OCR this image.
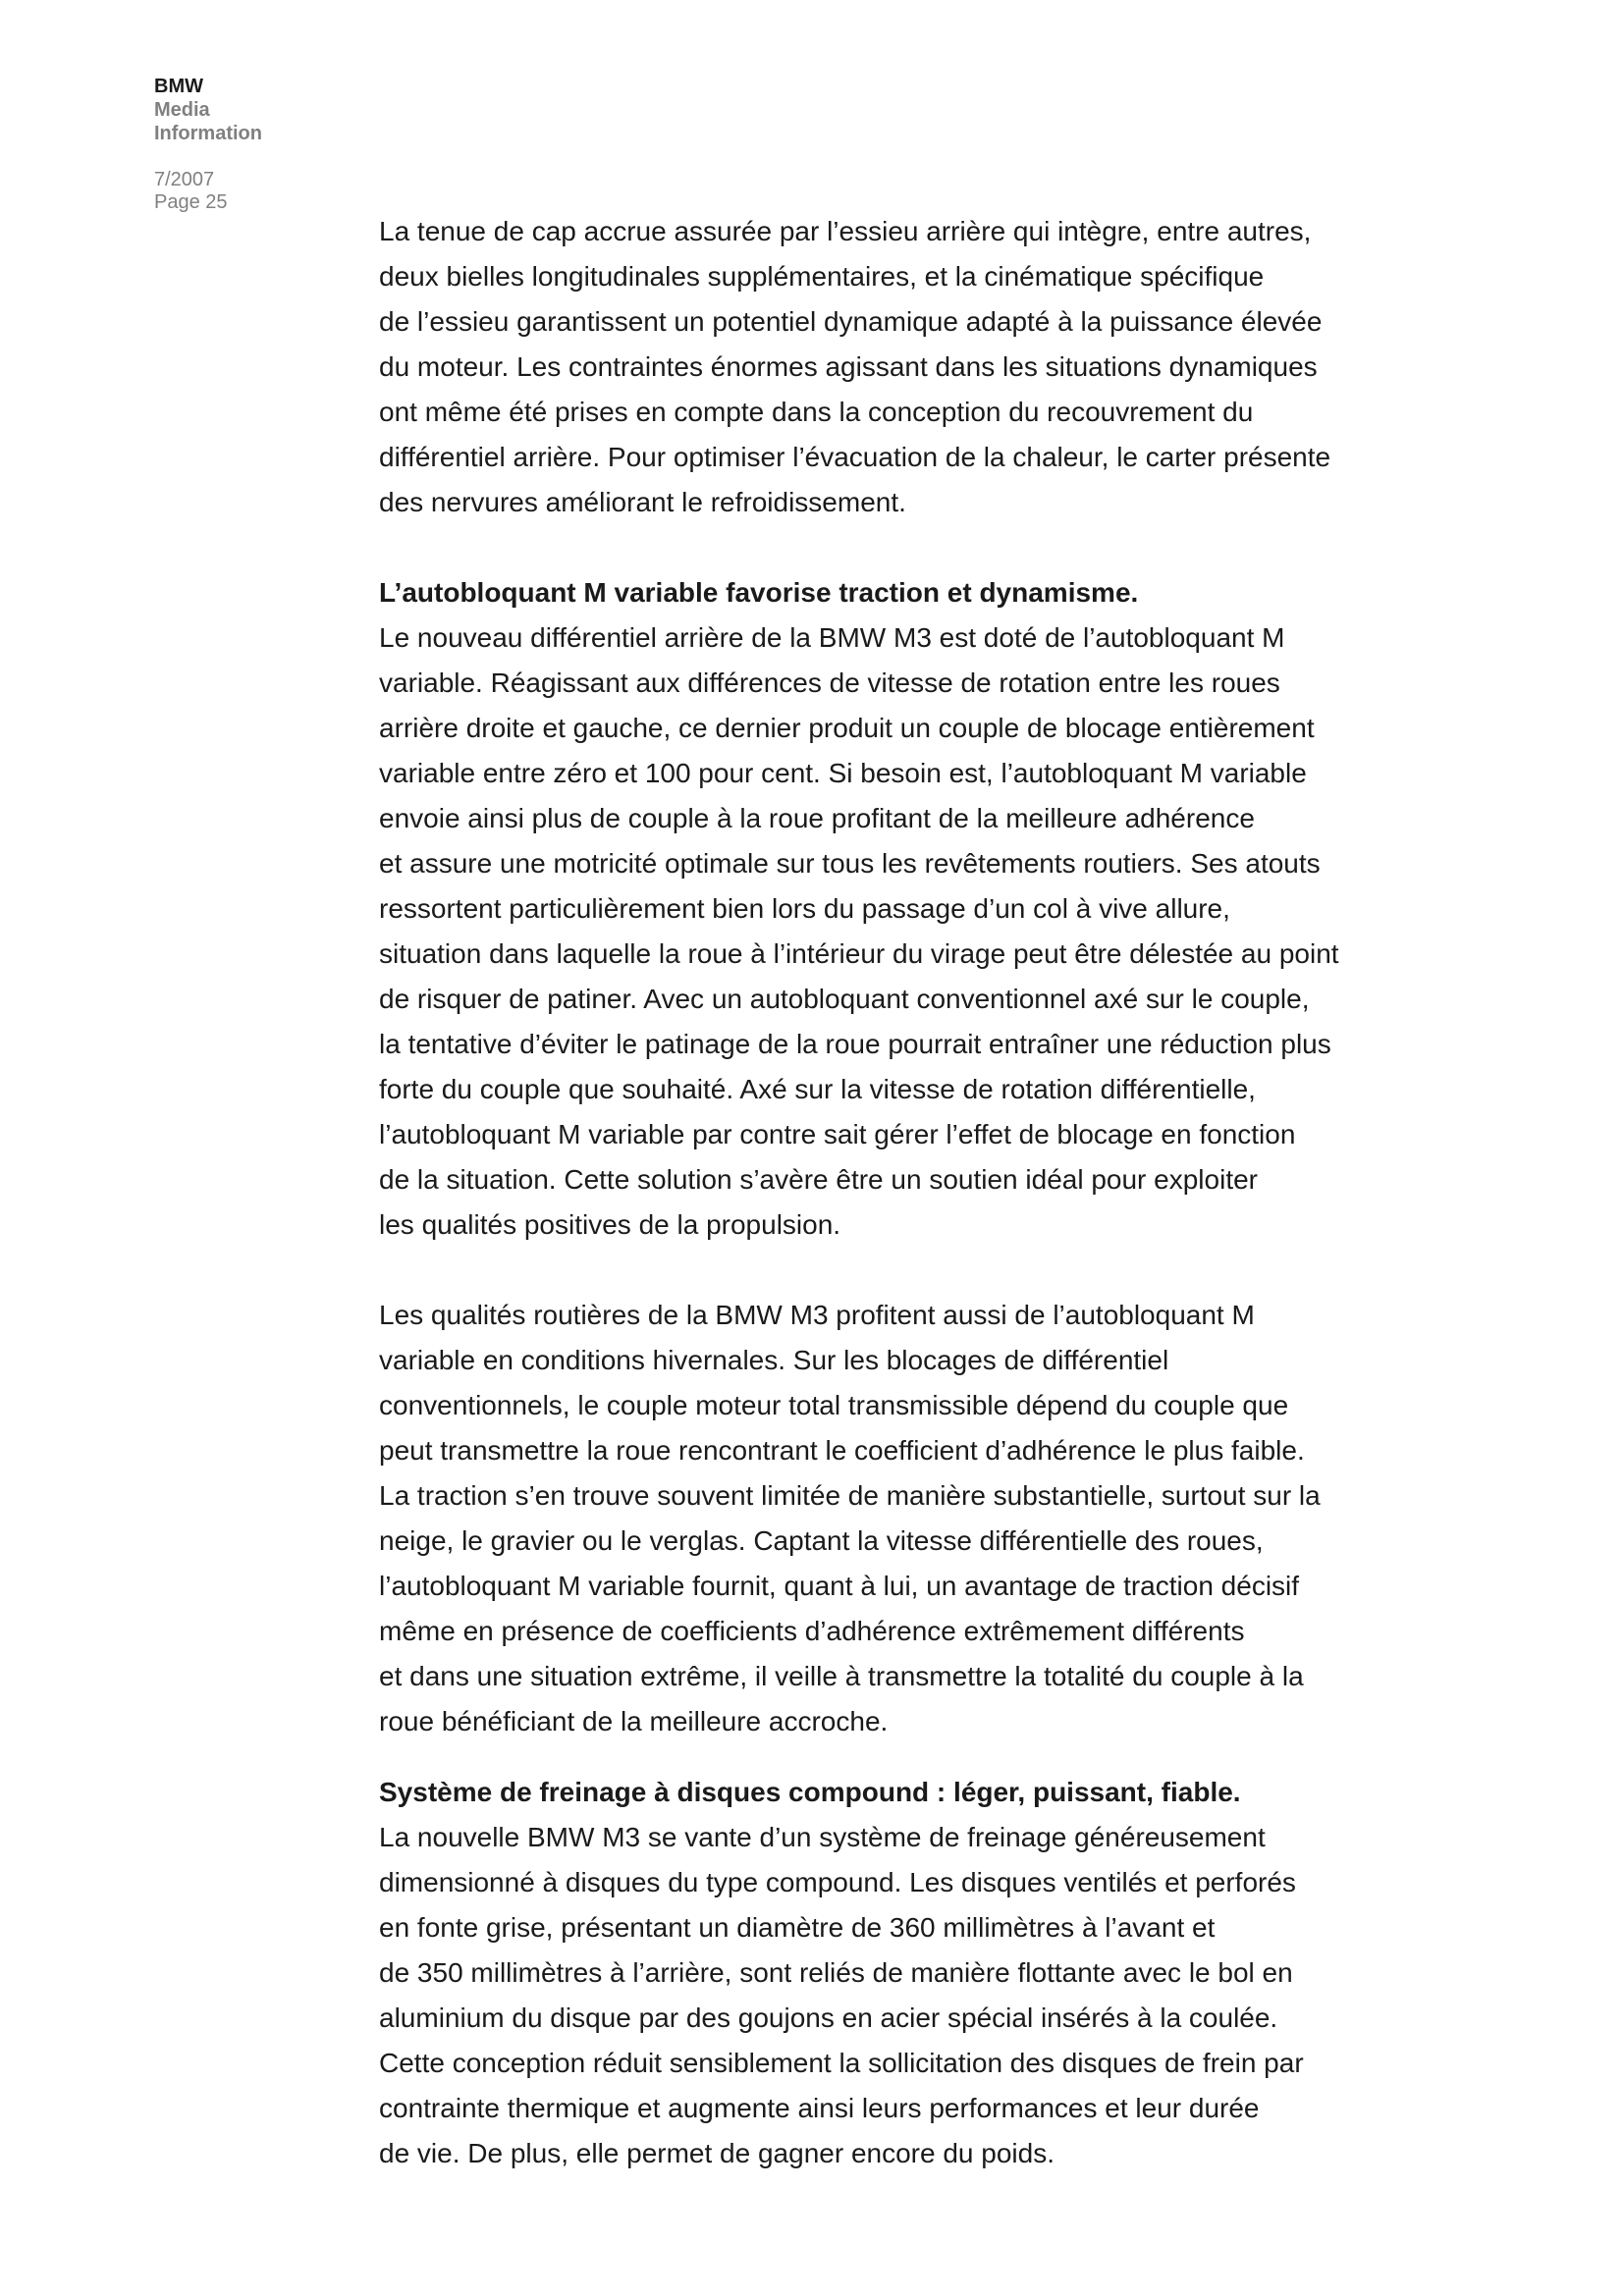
BMW

Media

Information

7/2007
Page 25

La tenue de cap accrue assurée par l’essieu arrière qui intègre, entre autres,
deux bielles longitudinales supplémentaires, et la cinématique spécifique
de l’essieu garantissent un potentiel dynamique adapté à la puissance élevée
du moteur. Les contraintes énormes agissant dans les situations dynamiques
ont même été prises en compte dans la conception du recouvrement du
différentiel arrière. Pour optimiser l’évacuation de la chaleur, le carter présente
des nervures améliorant le refroidissement.

L’autobloquant M variable favorise traction et dynamisme.

Le nouveau différentiel arrière de la BMW M3 est doté de l’autobloquant M
variable. Réagissant aux différences de vitesse de rotation entre les roues
arrière droite et gauche, ce dernier produit un couple de blocage entièrement
variable entre zéro et 100 pour cent. Si besoin est, l’autobloquant M variable
envoie ainsi plus de couple à la roue profitant de la meilleure adhérence
et assure une motricité optimale sur tous les revêtements routiers. Ses atouts
ressortent particulièrement bien lors du passage d’un col à vive allure,
situation dans laquelle la roue à l’intérieur du virage peut être délestée au point
de risquer de patiner. Avec un autobloquant conventionnel axé sur le couple,
la tentative d’éviter le patinage de la roue pourrait entraîner une réduction plus
forte du couple que souhaité. Axé sur la vitesse de rotation différentielle,
l’autobloquant M variable par contre sait gérer l’effet de blocage en fonction
de la situation. Cette solution s’avère être un soutien idéal pour exploiter
les qualités positives de la propulsion.

Les qualités routières de la BMW M3 profitent aussi de l’autobloquant M
variable en conditions hivernales. Sur les blocages de différentiel
conventionnels, le couple moteur total transmissible dépend du couple que
peut transmettre la roue rencontrant le coefficient d’adhérence le plus faible.
La traction s’en trouve souvent limitée de manière substantielle, surtout sur la
neige, le gravier ou le verglas. Captant la vitesse différentielle des roues,
l’autobloquant M variable fournit, quant à lui, un avantage de traction décisif
même en présence de coefficients d’adhérence extrêmement différents
et dans une situation extrême, il veille à transmettre la totalité du couple à la
roue bénéficiant de la meilleure accroche.

Système de freinage à disques compound : léger, puissant, fiable.

La nouvelle BMW M3 se vante d’un système de freinage généreusement
dimensionné à disques du type compound. Les disques ventilés et perforés
en fonte grise, présentant un diamètre de 360 millimètres à l’avant et
de 350 millimètres à l’arrière, sont reliés de manière flottante avec le bol en
aluminium du disque par des goujons en acier spécial insérés à la coulée.
Cette conception réduit sensiblement la sollicitation des disques de frein par
contrainte thermique et augmente ainsi leurs performances et leur durée
de vie. De plus, elle permet de gagner encore du poids.
